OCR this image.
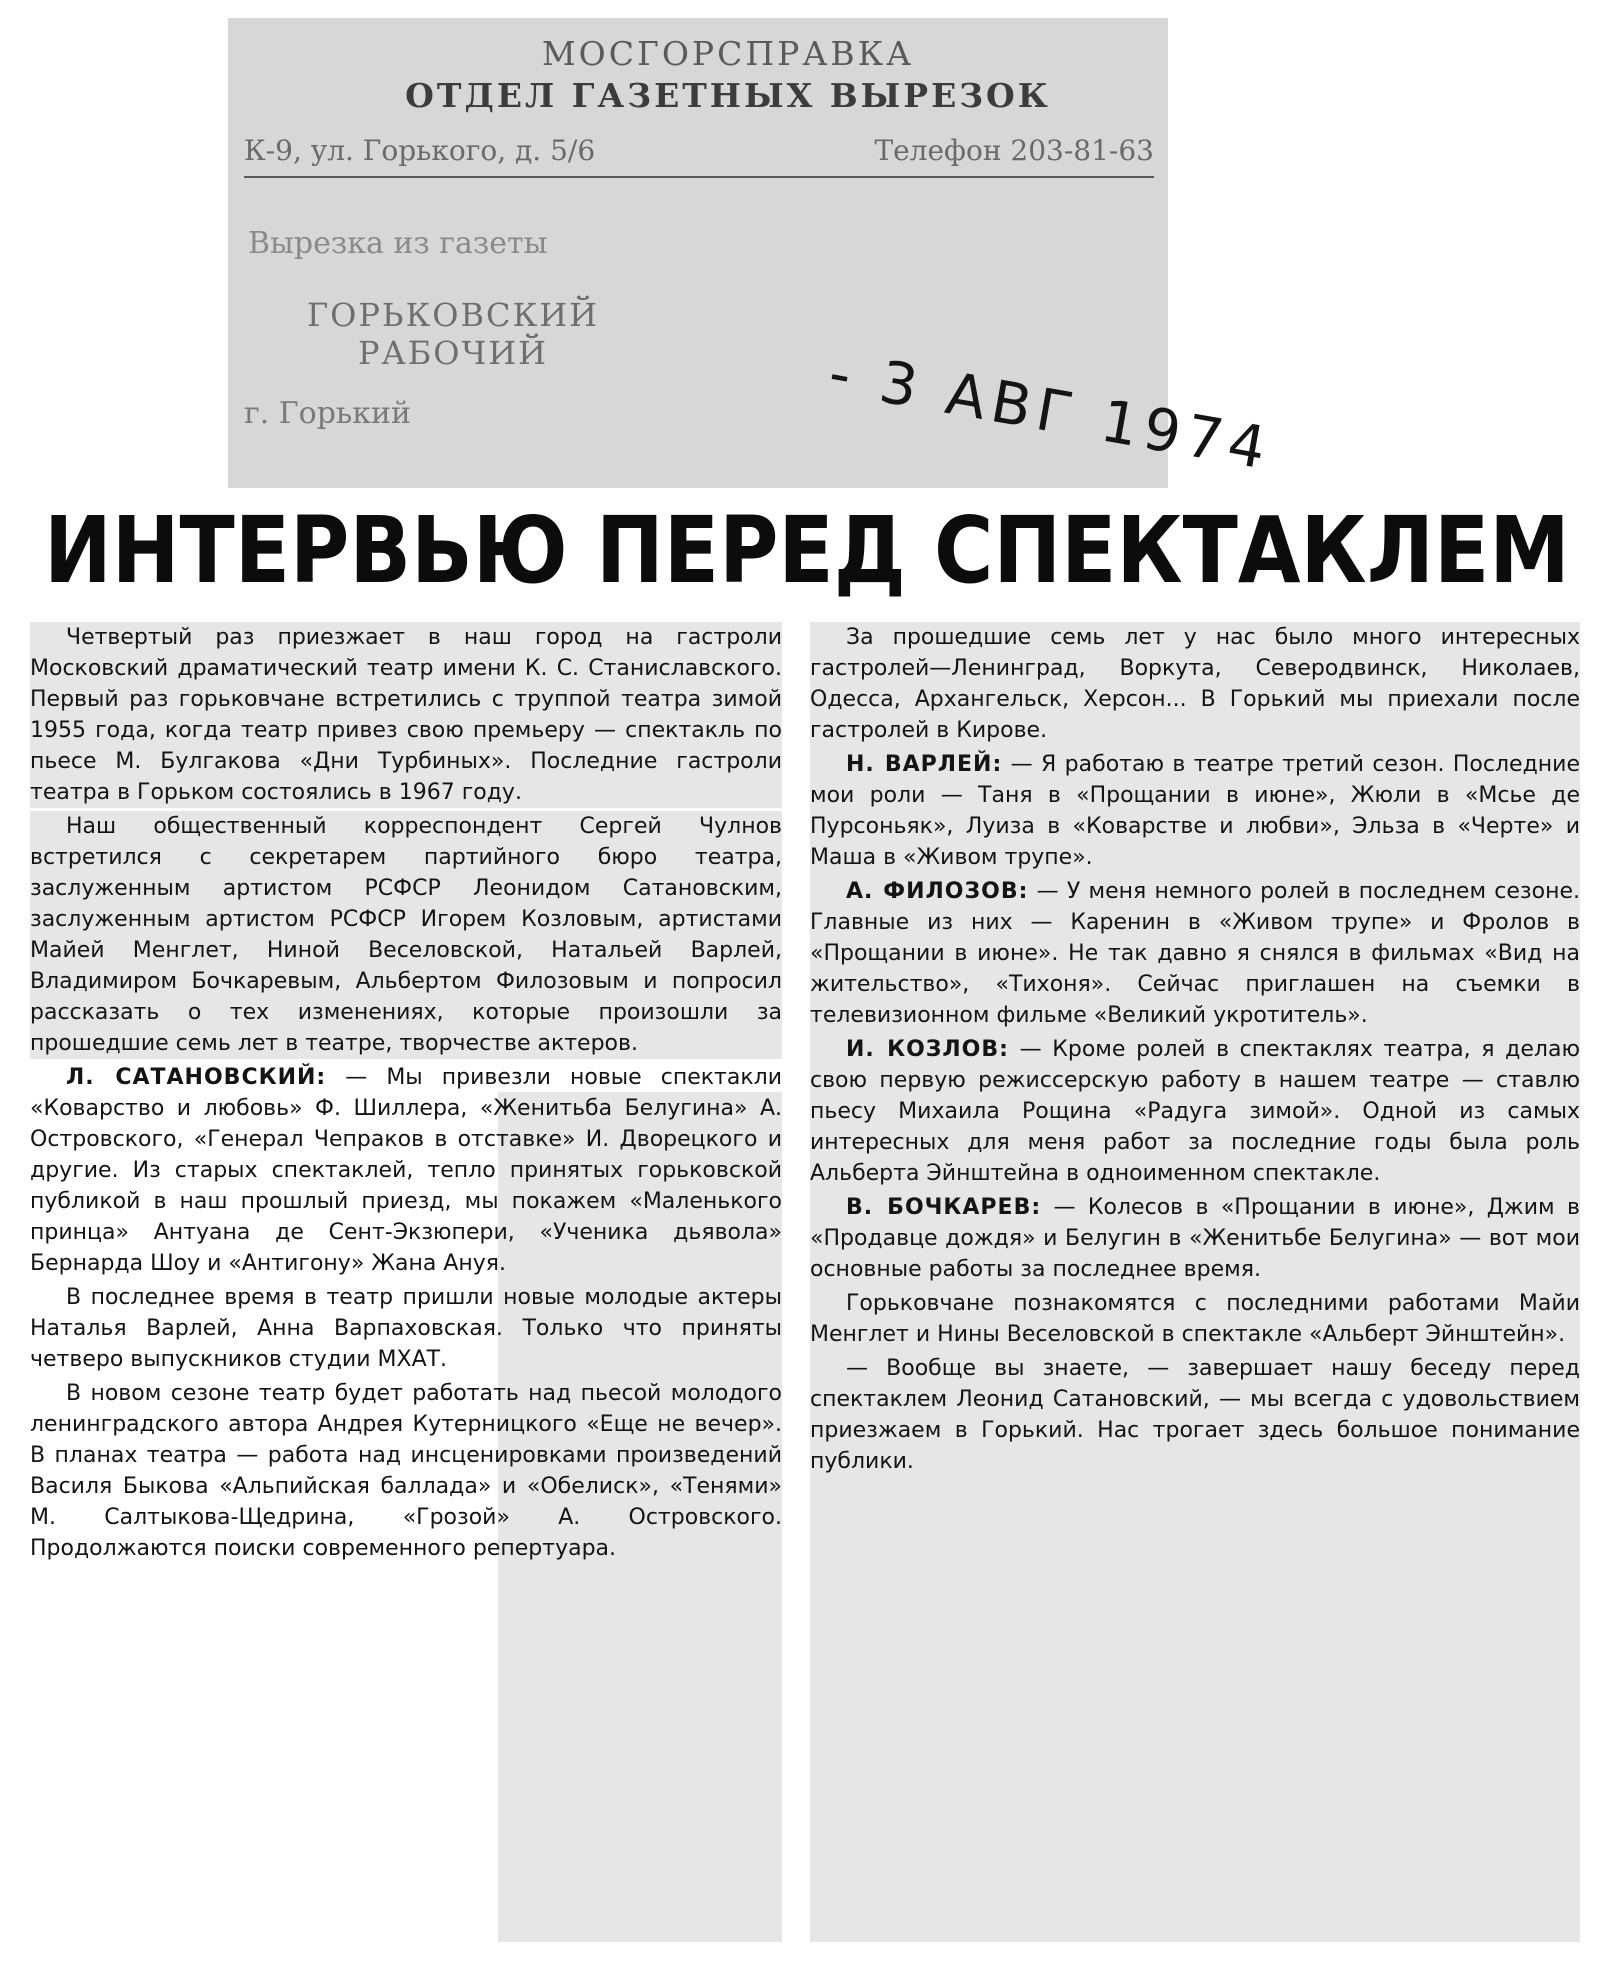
МОСГОРСПРАВКА
ОТДЕЛ ГАЗЕТНЫХ ВЫРЕЗОК
К-9, ул. Горького, д. 5/6	Телефон 203-81-63
Вырезка из газеты
ГОРЬКОВСКИЙ
РАБОЧИЙ
г. Горький	- 3 АВГ 1974
ИНТЕРВЬЮ ПЕРЕД СПЕКТАКЛЕМ

Четвертый раз приезжает в наш город на гастроли Московский драматический театр имени К. С. Станиславского. Первый раз горьковчане встретились с труппой театра зимой 1955 года, когда театр привез свою премьеру — спектакль по пьесе М. Булгакова «Дни Турбиных». Последние гастроли театра в Горьком состоялись в 1967 году.

Наш общественный корреспондент Сергей Чулнов встретился с секретарем партийного бюро театра, заслуженным артистом РСФСР Леонидом Сатановским, заслуженным артистом РСФСР Игорем Козловым, артистами Майей Менглет, Ниной Веселовской, Натальей Варлей, Владимиром Бочкаревым, Альбертом Филозовым и попросил рассказать о тех изменениях, которые произошли за прошедшие семь лет в театре, творчестве актеров.

Л. САТАНОВСКИЙ: — Мы привезли новые спектакли «Коварство и любовь» Ф. Шиллера, «Женитьба Белугина» А. Островского, «Генерал Чепраков в отставке» И. Дворецкого и другие. Из старых спектаклей, тепло принятых горьковской публикой в наш прошлый приезд, мы покажем «Маленького принца» Антуана де Сент-Экзюпери, «Ученика дьявола» Бернарда Шоу и «Антигону» Жана Ануя.

В последнее время в театр пришли новые молодые актеры Наталья Варлей, Анна Варпаховская. Только что приняты четверо выпускников студии МХАТ.

В новом сезоне театр будет работать над пьесой молодого ленинградского автора Андрея Кутерницкого «Еще не вечер». В планах театра — работа над инсценировками произведений Василя Быкова «Альпийская баллада» и «Обелиск», «Тенями» М. Салтыкова-Щедрина, «Грозой» А. Островского. Продолжаются поиски современного репертуара.

За прошедшие семь лет у нас было много интересных гастролей—Ленинград, Воркута, Северодвинск, Николаев, Одесса, Архангельск, Херсон... В Горький мы приехали после гастролей в Кирове.

Н. ВАРЛЕЙ: — Я работаю в театре третий сезон. Последние мои роли — Таня в «Прощании в июне», Жюли в «Мсье де Пурсоньяк», Луиза в «Коварстве и любви», Эльза в «Черте» и Маша в «Живом трупе».

А. ФИЛОЗОВ: — У меня немного ролей в последнем сезоне. Главные из них — Каренин в «Живом трупе» и Фролов в «Прощании в июне». Не так давно я снялся в фильмах «Вид на жительство», «Тихоня». Сейчас приглашен на съемки в телевизионном фильме «Великий укротитель».

И. КОЗЛОВ: — Кроме ролей в спектаклях театра, я делаю свою первую режиссерскую работу в нашем театре — ставлю пьесу Михаила Рощина «Радуга зимой». Одной из самых интересных для меня работ за последние годы была роль Альберта Эйнштейна в одноименном спектакле.

В. БОЧКАРЕВ: — Колесов в «Прощании в июне», Джим в «Продавце дождя» и Белугин в «Женитьбе Белугина» — вот мои основные работы за последнее время.

Горьковчане познакомятся с последними работами Майи Менглет и Нины Веселовской в спектакле «Альберт Эйнштейн».

— Вообще вы знаете, — завершает нашу беседу перед спектаклем Леонид Сатановский, — мы всегда с удовольствием приезжаем в Горький. Нас трогает здесь большое понимание публики.
